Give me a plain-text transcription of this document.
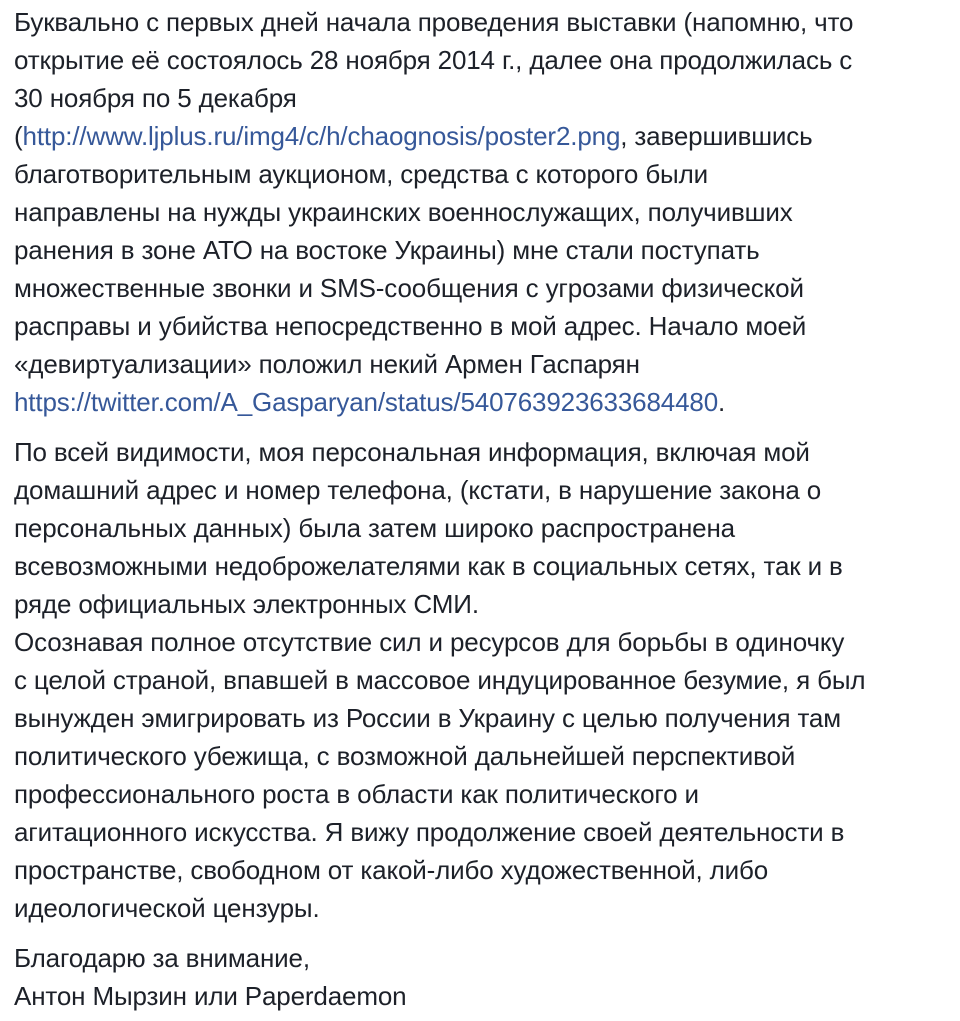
Буквально с первых дней начала проведения выставки (напомню, что
открытие её состоялось 28 ноября 2014 г., далее она продолжилась с
30 ноября по 5 декабря
(http://www.ljplus.ru/img4/c/h/chaognosis/poster2.png, завершившись
благотворительным аукционом, средства с которого были
направлены на нужды украинских военнослужащих, получивших
ранения в зоне АТО на востоке Украины) мне стали поступать
множественные звонки и SMS-сообщения с угрозами физической
расправы и убийства непосредственно в мой адрес. Начало моей
«девиртуализации» положил некий Армен Гаспарян
https://twitter.com/A_Gasparyan/status/540763923633684480.

По всей видимости, моя персональная информация, включая мой
домашний адрес и номер телефона, (кстати, в нарушение закона о
персональных данных) была затем широко распространена
всевозможными недоброжелателями как в социальных сетях, так и в
ряде официальных электронных СМИ.
Осознавая полное отсутствие сил и ресурсов для борьбы в одиночку
с целой страной, впавшей в массовое индуцированное безумие, я был
вынужден эмигрировать из России в Украину с целью получения там
политического убежища, с возможной дальнейшей перспективой
профессионального роста в области как политического и
агитационного искусства. Я вижу продолжение своей деятельности в
пространстве, свободном от какой-либо художественной, либо
идеологической цензуры.

Благодарю за внимание,
Антон Мырзин или Paperdaemon
